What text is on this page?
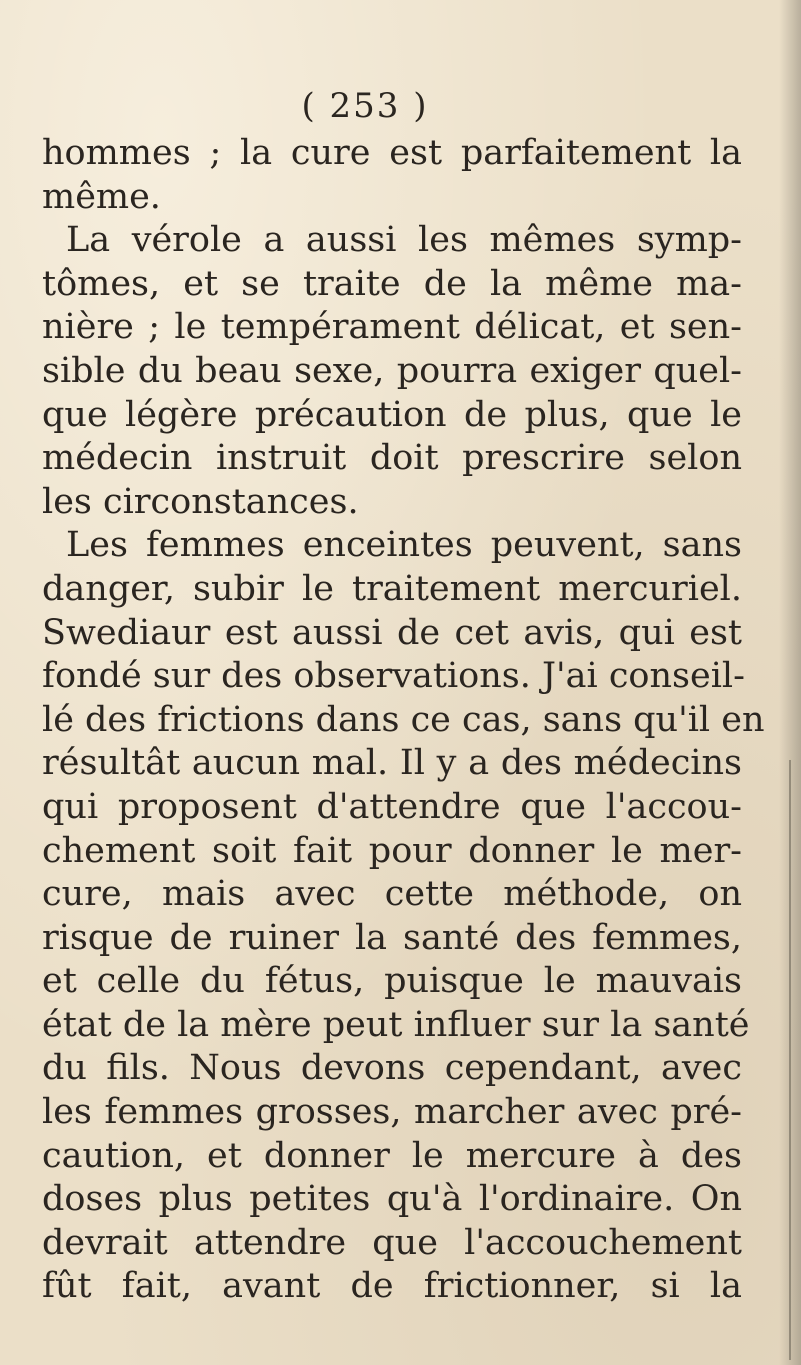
( 253 )
hommes ; la cure est parfaitement la
même.
La vérole a aussi les mêmes symp-
tômes, et se traite de la même ma-
nière ; le tempérament délicat, et sen-
sible du beau sexe, pourra exiger quel-
que légère précaution de plus, que le
médecin instruit doit prescrire selon
les circonstances.
Les femmes enceintes peuvent, sans
danger, subir le traitement mercuriel.
Swediaur est aussi de cet avis, qui est
fondé sur des observations. J'ai conseil-
lé des frictions dans ce cas, sans qu'il en
résultât aucun mal. Il y a des médecins
qui proposent d'attendre que l'accou-
chement soit fait pour donner le mer-
cure, mais avec cette méthode, on
risque de ruiner la santé des femmes,
et celle du fétus, puisque le mauvais
état de la mère peut influer sur la santé
du fils. Nous devons cependant, avec
les femmes grosses, marcher avec pré-
caution, et donner le mercure à des
doses plus petites qu'à l'ordinaire. On
devrait attendre que l'accouchement
fût fait, avant de frictionner, si la
